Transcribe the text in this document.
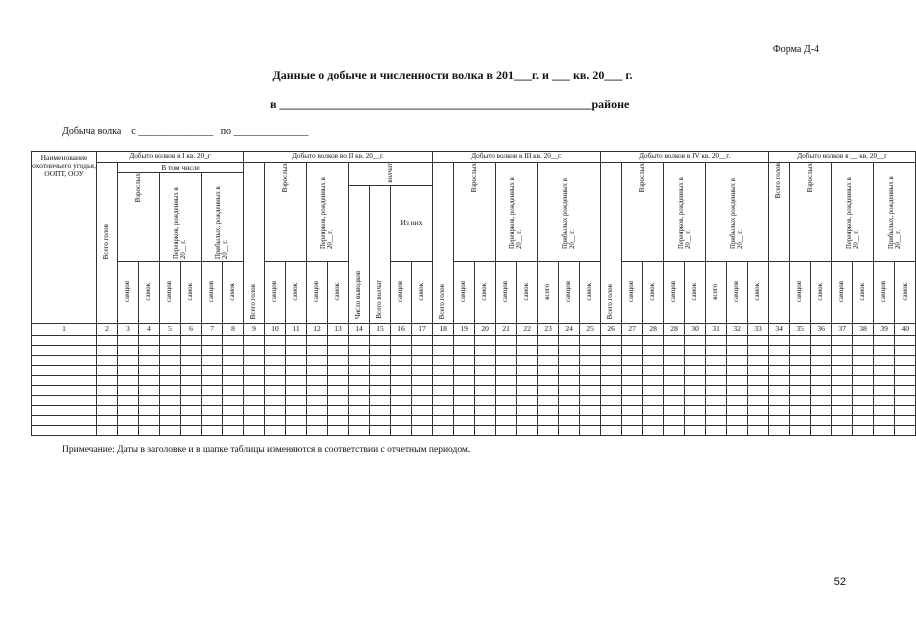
Форма Д-4
Данные о добыче и численности волка в 201___г. и ___ кв. 20___ г.
в ____________________________________________________районе
Добыча волка    с _______________   по _______________
Наименование охотничьего угодья, ООПТ, ООУ	Добыто волков в I кв. 20_г							Добыто волков во II кв. 20__г.									Добыто волков в III кв. 20__г.								Добыто волков в IV кв. 20__г.								Добыто волков в __ кв. 20__г						
	Всего голов	В том числе						Всего голов	Взрослых		Переярков, рожденных в 20__ г.		волчат				Всего голов	Взрослых		Переярков, рожденных в 20__ г.		Прибылых рожденных в 20__ г.			Всего голов	Взрослых		Переярков, рожденных в 20__ г.		Прибылых рожденных в 20__ г.			Всего голов	Взрослых		Переярков, рожденных в 20__ г.		Прибылых, рожденных в 20__ г.	
		Взрослых		Переярков, рожденных в 20__ г.		Прибылых, рожденных в 20__ г.																																	
													Число выводков	Всего волчат	Из них																								
		самцов	самок	самцов	самок	самцов	самок		самцов	самок	самцов	самок			самцов	самок		самцов	самок	самцов	самок	всего	самцов	самок		самцов	самок	самцов	самок	всего	самцов	самок		самцов	самок	самцов	самок	самцов	самок
1	2	3	4	5	6	7	8	9	10	11	12	13	14	15	16	17	18	19	20	21	22	23	24	25	26	27	28	28	30	31	32	33	34	35	36	37	38	39	40

Примечание: Даты в заголовке и в шапке таблицы изменяются в соответствии с отчетным периодом.
52
